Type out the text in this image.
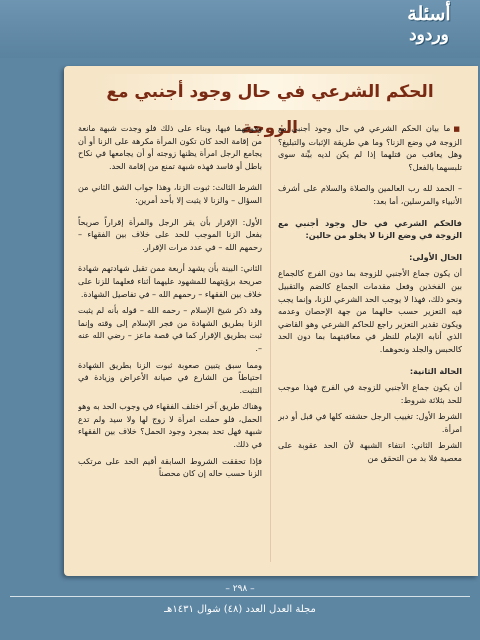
أسئلة
وردود
الحكم الشرعي في حال وجود أجنبي مع الزوجة	■ما بيان الحكم الشرعي في حال وجود أجنبي مع الزوجة في وضع الزنا؟ وما هي طريقة الإثبات والتبليغ؟ وهل يعاقب من قتلهما إذا لم يكن لديه بيِّنة سوى تلبسهما بالفعل؟

– الحمد لله رب العالمين والصلاة والسلام على أشرف الأنبياء والمرسلين، أما بعد:

فالحكم الشرعي في حال وجود أجنبي مع الزوجة في وضع الزنا لا يخلو من حالين:

الحال الأولى:

أن يكون جماع الأجنبي للزوجة بما دون الفرج كالجماع بين الفخذين وفعل مقدمات الجماع كالضم والتقبيل ونحو ذلك، فهذا لا يوجب الحد الشرعي للزنا، وإنما يجب فيه التعزير حسب حالهما من جهة الإحصان وعدمه ويكون تقدير التعزير راجع للحاكم الشرعي وهو القاضي الذي أنابه الإمام للنظر في معاقبتهما بما دون الحد كالحبس والجلد ونحوهما.

الحالة الثانية:

أن يكون جماع الأجنبي للزوجة في الفرج فهذا موجب للحد بثلاثة شروط:

الشرط الأول: تغييب الرجل حشفته كلها في قبل أو دبر امرأة.

الشرط الثاني: انتفاء الشبهة لأن الحد عقوبة على معصية فلا بد من التحقق من

وقوعهما فيها، وبناء على ذلك فلو وجدت شبهة مانعة من إقامة الحد كان تكون المرأة مكرهة على الزنا أو أن يجامع الرجل امرأة يظنها زوجته أو أن يجامعها في نكاح باطل أو فاسد فهذه شبهة تمنع من إقامة الحد.

الشرط الثالث: ثبوت الزنا، وهذا جواب الشق الثاني من السؤال – والزنا لا يثبت إلا بأحد أمرين:

الأول: الإقرار بأن يقر الرجل والمرأة إقراراً صريحاً بفعل الزنا الموجب للحد على خلاف بين الفقهاء – رحمهم الله – في عدد مرات الإقرار.

الثاني: البينة بأن يشهد أربعة ممن تقبل شهادتهم شهادة صريحة برؤيتهما للمشهود عليهما أثناء فعلهما للزنا على خلاف بين الفقهاء – رحمهم الله – في تفاصيل الشهادة.

وقد ذكر شيخ الإسلام – رحمه الله – قوله بأنه لم يثبت الزنا بطريق الشهادة من فجر الإسلام إلى وقته وإنما ثبت بطريق الإقرار كما في قصة ماعز – رضي الله عنه –.

ومما سبق يتبين صعوبة ثبوت الزنا بطريق الشهادة احتياطاً من الشارع في صيانة الأعراض وزيادة في التثبت.

وهناك طريق آخر اختلف الفقهاء في وجوب الحد به وهو الحمل، فلو حملت امرأة لا زوج لها ولا سيد ولم تدع شبهة فهل تحد بمجرد وجود الحمل؟ خلاف بين الفقهاء في ذلك.

فإذا تحققت الشروط السابقة أقيم الحد على مرتكب الزنا حسب حاله إن كان محصناً

– ٢٩٨ –
مجلة العدل العدد (٤٨) شوال ١٤٣١هـ
